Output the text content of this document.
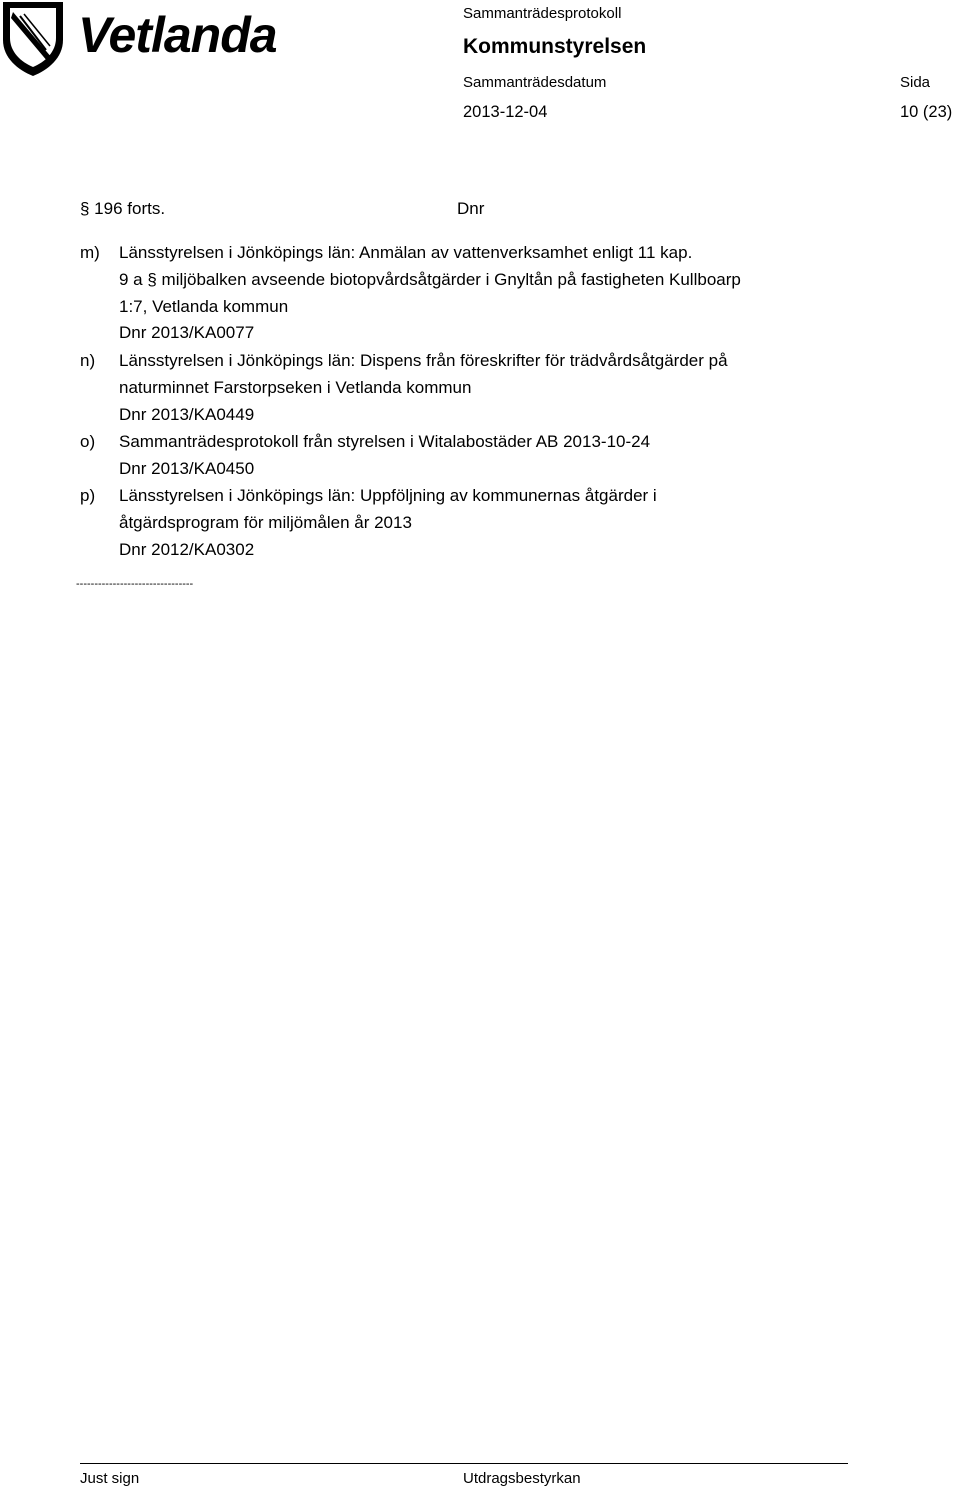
Vetlanda	Sammanträdesprotokoll
Kommunstyrelsen
Sammanträdesdatum
2013-12-04
Sida
10 (23)
§ 196 forts.	Dnr
m) Länsstyrelsen i Jönköpings län: Anmälan av vattenverksamhet enligt 11 kap.
9 a § miljöbalken avseende biotopvårdsåtgärder i Gnyltån på fastigheten Kullboarp
1:7, Vetlanda kommun
Dnr 2013/KA0077
n) Länsstyrelsen i Jönköpings län: Dispens från föreskrifter för trädvårdsåtgärder på
naturminnet Farstorpseken i Vetlanda kommun
Dnr 2013/KA0449
o) Sammanträdesprotokoll från styrelsen i Witalabostäder AB 2013-10-24
Dnr 2013/KA0450
p) Länsstyrelsen i Jönköpings län: Uppföljning av kommunernas åtgärder i
åtgärdsprogram för miljömålen år 2013
Dnr 2012/KA0302
--------------------------------
Just sign	Utdragsbestyrkan
